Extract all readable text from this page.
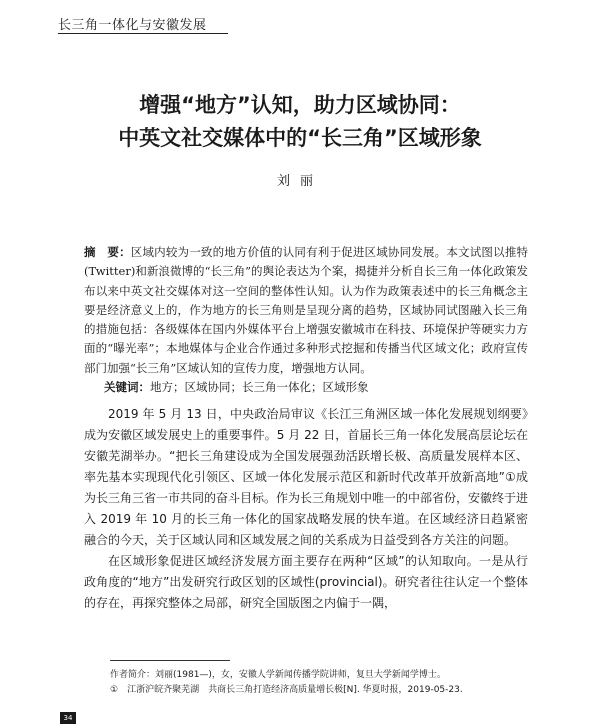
长三角一体化与安徽发展
增强“地方”认知，助力区域协同：
中英文社交媒体中的“长三角”区域形象
刘丽
摘　要：区域内较为一致的地方价值的认同有利于促进区域协同发展。本文试图以推特(Twitter)和新浪微博的“长三角”的舆论表达为个案，揭捷并分析自长三角一体化政策发布以来中英文社交媒体对这一空间的整体性认知。认为作为政策表述中的长三角概念主要是经济意义上的，作为地方的长三角则是呈现分离的趋势，区域协同试图融入长三角的措施包括：各级媒体在国内外媒体平台上增强安徽城市在科技、环境保护等硬实力方面的“曝光率”；本地媒体与企业合作通过多种形式挖掘和传播当代区域文化；政府宣传部门加强“长三角”区域认知的宣传力度，增强地方认同。
关键词：地方；区域协同；长三角一体化；区域形象

2019 年 5 月 13 日，中央政治局审议《长江三角洲区域一体化发展规划纲要》成为安徽区域发展史上的重要事件。5 月 22 日，首届长三角一体化发展高层论坛在安徽芜湖举办。“把长三角建设成为全国发展强劲活跃增长极、高质量发展样本区、率先基本实现现代化引领区、区域一体化发展示范区和新时代改革开放新高地”①成为长三角三省一市共同的奋斗目标。作为长三角规划中唯一的中部省份，安徽终于进入 2019 年 10 月的长三角一体化的国家战略发展的快车道。在区域经济日趋紧密融合的今天，关于区域认同和区域发展之间的关系成为日益受到各方关注的问题。

在区域形象促进区域经济发展方面主要存在两种“区域”的认知取向。一是从行政角度的“地方”出发研究行政区划的区域性(provincial)。研究者往往认定一个整体的存在，再探究整体之局部，研究全国版图之内偏于一隅，

作者简介：刘丽(1981—)，女，安徽人学新闻传播学院讲师，复旦大学新闻学博士。
①　江浙沪皖齐聚芜湖　共商长三角打造经济高质量增长极[N]. 华夏时报，2019-05-23.
34
